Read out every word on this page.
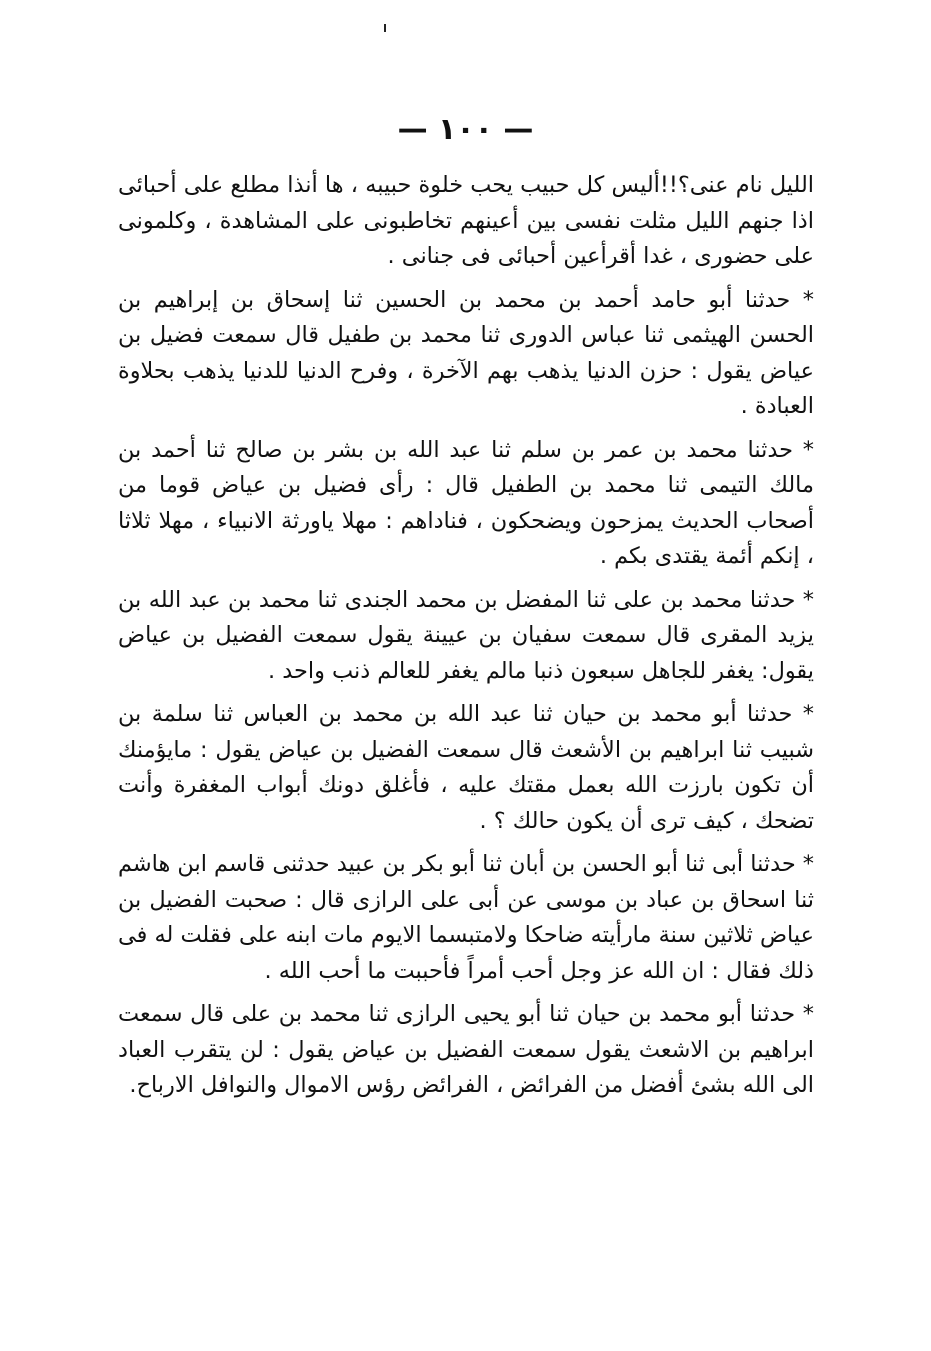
— ١٠٠ —

الليل نام عنى؟!!أليس كل حبيب يحب خلوة حبيبه ، ها أنذا مطلع على أحبائى اذا جنهم الليل مثلت نفسى بين أعينهم تخاطبونى على المشاهدة ، وكلمونى على حضورى ، غدا أقرأعين أحبائى فى جنانى .

* حدثنا أبو حامد أحمد بن محمد بن الحسين ثنا إسحاق بن إبراهيم بن الحسن الهيثمى ثنا عباس الدورى ثنا محمد بن طفيل قال سمعت فضيل بن عياض يقول : حزن الدنيا يذهب بهم الآخرة ، وفرح الدنيا للدنيا يذهب بحلاوة العبادة .

* حدثنا محمد بن عمر بن سلم ثنا عبد الله بن بشر بن صالح ثنا أحمد بن مالك التيمى ثنا محمد بن الطفيل قال : رأى فضيل بن عياض قوما من أصحاب الحديث يمزحون ويضحكون ، فناداهم : مهلا ياورثة الانبياء ، مهلا ثلاثا ، إنكم أئمة يقتدى بكم .

* حدثنا محمد بن على ثنا المفضل بن محمد الجندى ثنا محمد بن عبد الله بن يزيد المقرى قال سمعت سفيان بن عيينة يقول سمعت الفضيل بن عياض يقول: يغفر للجاهل سبعون ذنبا مالم يغفر للعالم ذنب واحد .

* حدثنا أبو محمد بن حيان ثنا عبد الله بن محمد بن العباس ثنا سلمة بن شبيب ثنا ابراهيم بن الأشعث قال سمعت الفضيل بن عياض يقول : مايؤمنك أن تكون بارزت الله بعمل مقتك عليه ، فأغلق دونك أبواب المغفرة وأنت تضحك ، كيف ترى أن يكون حالك ؟ .

* حدثنا أبى ثنا أبو الحسن بن أبان ثنا أبو بكر بن عبيد حدثنى قاسم ابن هاشم ثنا اسحاق بن عباد بن موسى عن أبى على الرازى قال : صحبت الفضيل بن عياض ثلاثين سنة مارأيته ضاحكا ولامتبسما الايوم مات ابنه على فقلت له فى ذلك فقال : ان الله عز وجل أحب أمراً فأحببت ما أحب الله .

* حدثنا أبو محمد بن حيان ثنا أبو يحيى الرازى ثنا محمد بن على قال سمعت ابراهيم بن الاشعث يقول سمعت الفضيل بن عياض يقول : لن يتقرب العباد الى الله بشئ أفضل من الفرائض ، الفرائض رؤس الاموال والنوافل الارباح.
